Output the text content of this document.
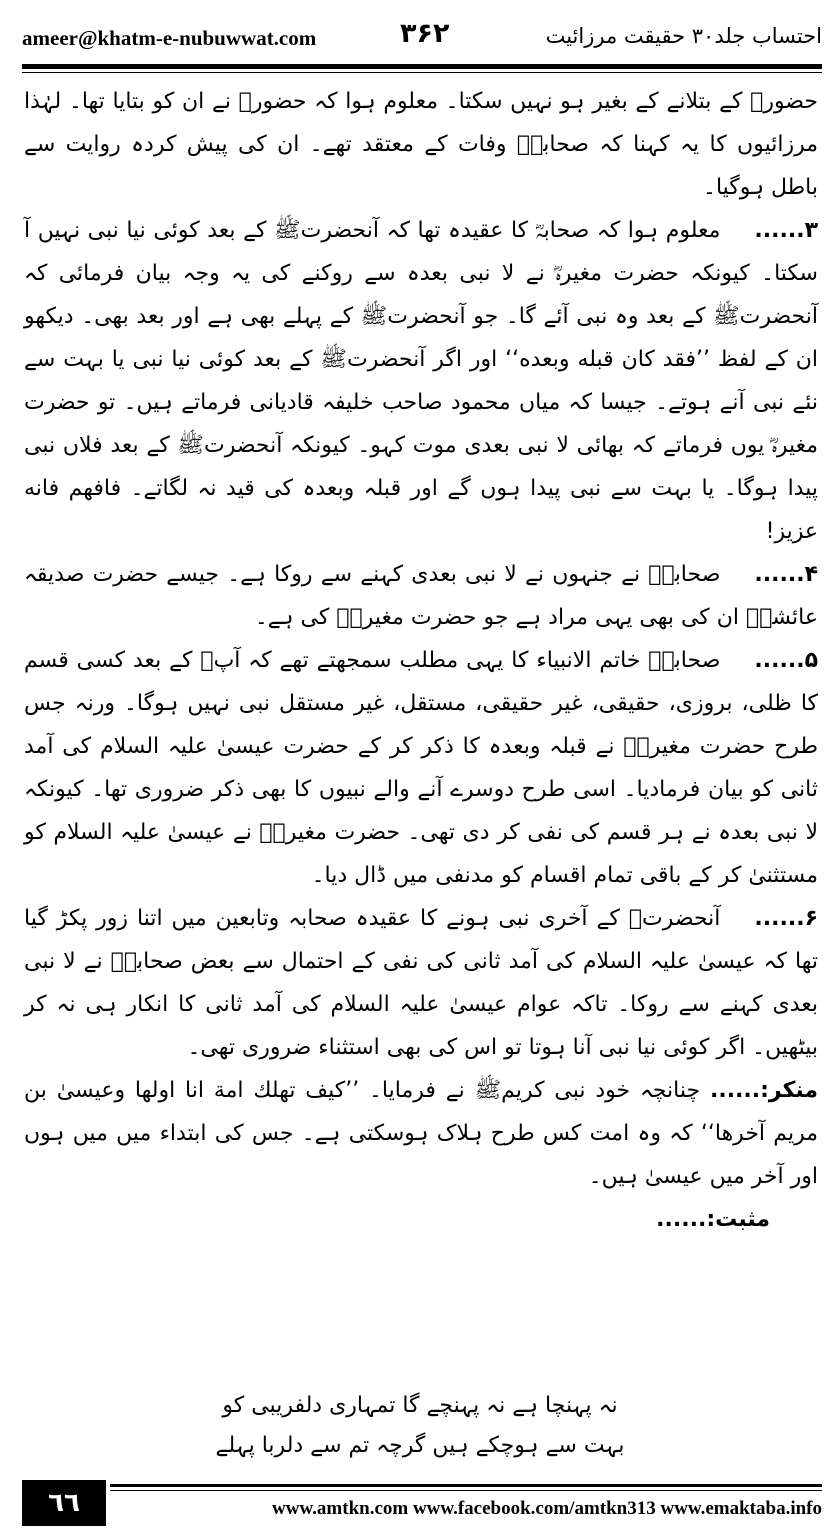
ameer@khatm-e-nubuwwat.com	۳۶۲	احتساب جلد۳۰ حقیقت مرزائیت

حضورﷺ کے بتلانے کے بغیر ہو نہیں سکتا۔ معلوم ہوا کہ حضورﷺ نے ان کو بتایا تھا۔ لہٰذا مرزائیوں کا یہ کہنا کہ صحابہؓ وفات کے معتقد تھے۔ ان کی پیش کردہ روایت سے باطل ہوگیا۔

۳......معلوم ہوا کہ صحابہؓ کا عقیدہ تھا کہ آنحضرتﷺ کے بعد کوئی نیا نبی نہیں آ سکتا۔ کیونکہ حضرت مغیرہؓ نے لا نبی بعدہ سے روکنے کی یہ وجہ بیان فرمائی کہ آنحضرتﷺ کے بعد وہ نبی آئے گا۔ جو آنحضرتﷺ کے پہلے بھی ہے اور بعد بھی۔ دیکھو ان کے لفظ ’’فقد کان قبله وبعده‘‘ اور اگر آنحضرتﷺ کے بعد کوئی نیا نبی یا بہت سے نئے نبی آنے ہوتے۔ جیسا کہ میاں محمود صاحب خلیفہ قادیانی فرماتے ہیں۔ تو حضرت مغیرہؓ یوں فرماتے کہ بھائی لا نبی بعدی موت کہو۔ کیونکہ آنحضرتﷺ کے بعد فلاں نبی پیدا ہوگا۔ یا بہت سے نبی پیدا ہوں گے اور قبلہ وبعدہ کی قید نہ لگاتے۔ فافهم فانه عزیز!

۴......صحابہؓ نے جنہوں نے لا نبی بعدی کہنے سے روکا ہے۔ جیسے حضرت صدیقہ عائشہؓ ان کی بھی یہی مراد ہے جو حضرت مغیرہؓ کی ہے۔

۵......صحابہؓ خاتم الانبیاء کا یہی مطلب سمجھتے تھے کہ آپؐ کے بعد کسی قسم کا ظلی، بروزی، حقیقی، غیر حقیقی، مستقل، غیر مستقل نبی نہیں ہوگا۔ ورنہ جس طرح حضرت مغیرہؓ نے قبلہ وبعدہ کا ذکر کر کے حضرت عیسیٰ علیہ السلام کی آمد ثانی کو بیان فرمادیا۔ اسی طرح دوسرے آنے والے نبیوں کا بھی ذکر ضروری تھا۔ کیونکہ لا نبی بعدہ نے ہر قسم کی نفی کر دی تھی۔ حضرت مغیرہؓ نے عیسیٰ علیہ السلام کو مستثنیٰ کر کے باقی تمام اقسام کو مدنفی میں ڈال دیا۔

۶......آنحضرتﷺ کے آخری نبی ہونے کا عقیدہ صحابہ وتابعین میں اتنا زور پکڑ گیا تھا کہ عیسیٰ علیہ السلام کی آمد ثانی کی نفی کے احتمال سے بعض صحابہؓ نے لا نبی بعدی کہنے سے روکا۔ تاکہ عوام عیسیٰ علیہ السلام کی آمد ثانی کا انکار ہی نہ کر بیٹھیں۔ اگر کوئی نیا نبی آنا ہوتا تو اس کی بھی استثناء ضروری تھی۔

منکر:...... چنانچہ خود نبی کریمﷺ نے فرمایا۔ ’’کیف تهلك امة انا اولها وعیسیٰ بن مریم آخرها‘‘ کہ وہ امت کس طرح ہلاک ہوسکتی ہے۔ جس کی ابتداء میں میں ہوں اور آخر میں عیسیٰ ہیں۔

مثبت:......

نہ پہنچا ہے نہ پہنچے گا تمہاری دلفریبی کو
بہت سے ہوچکے ہیں گرچہ تم سے دلربا پہلے
٦٦	www.amtkn.com www.facebook.com/amtkn313 www.emaktaba.info
